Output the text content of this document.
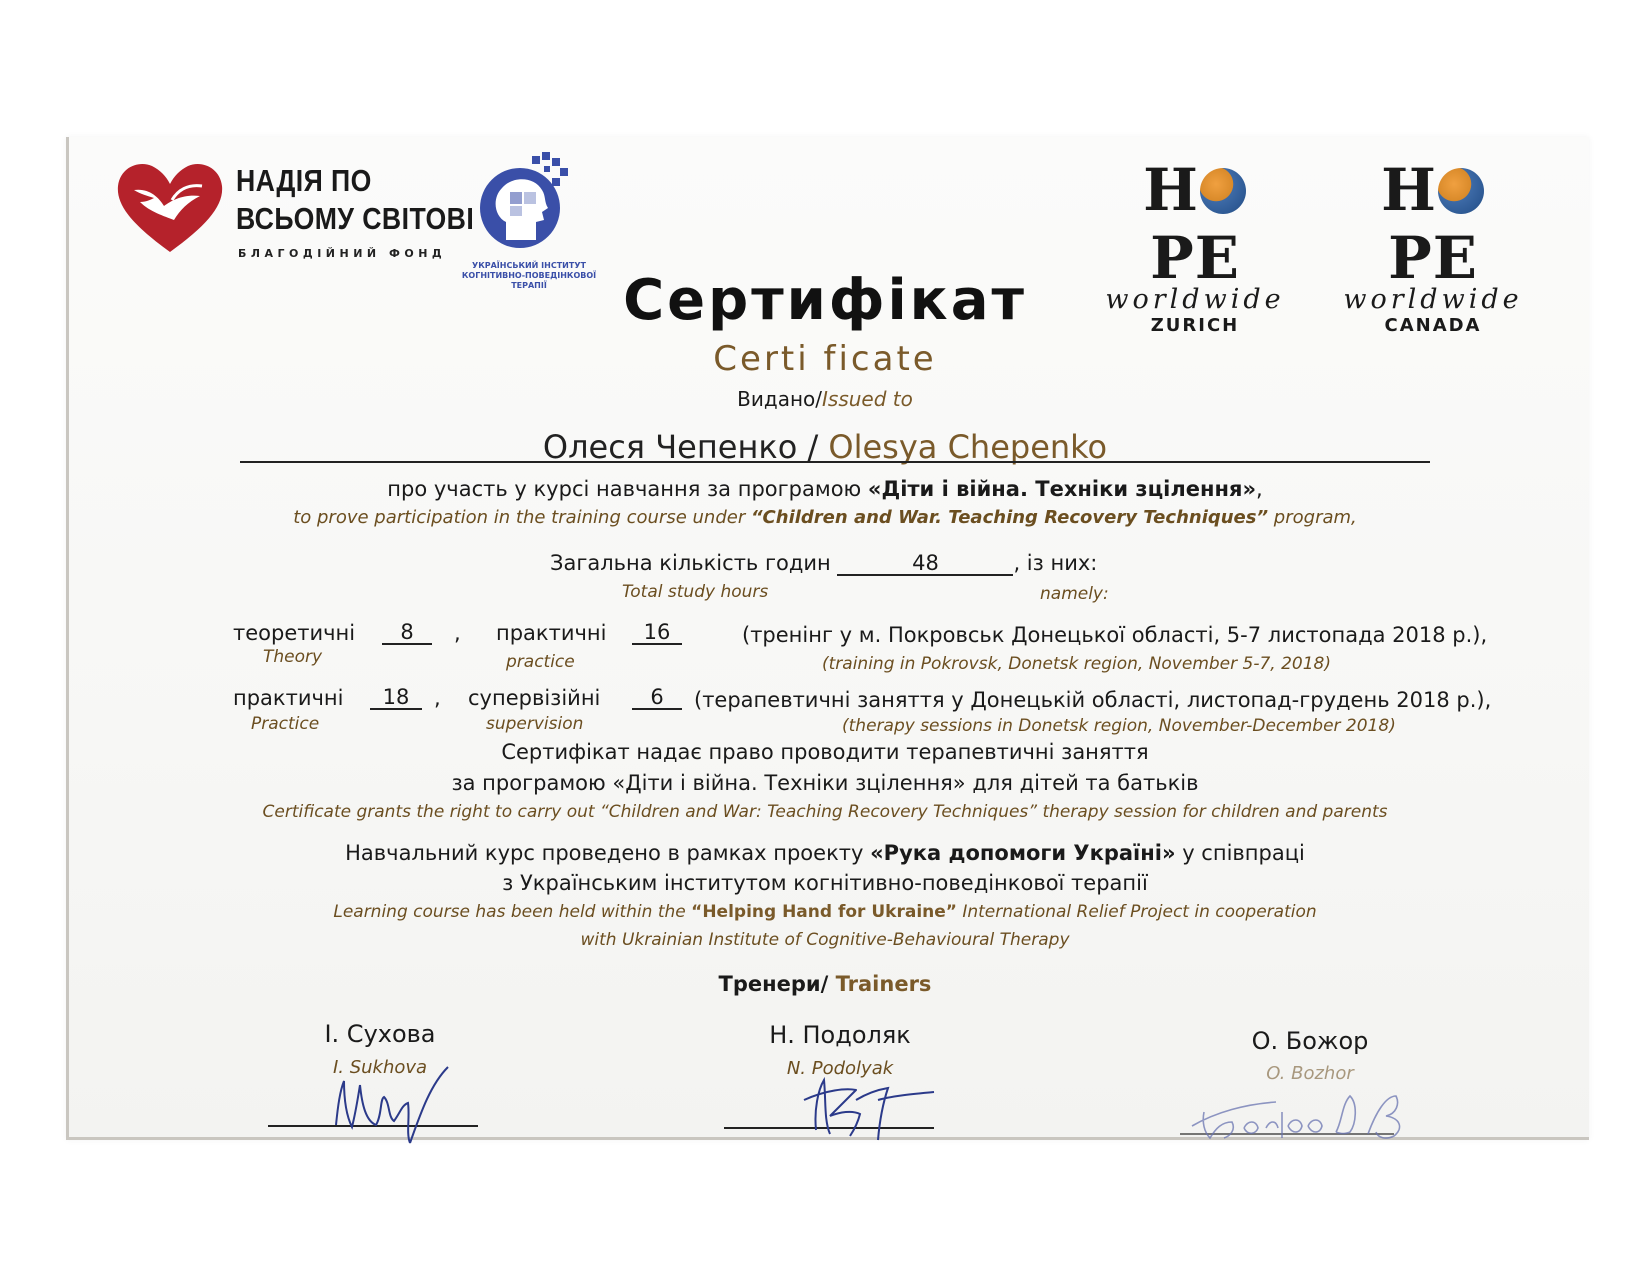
НАДІЯ ПО
ВСЬОМУ СВІТОВІ
БЛАГОДІЙНИЙ ФОНД
УКРАЇНСЬКИЙ ІНСТИТУТ КОГНІТИВНО-ПОВЕДІНКОВОЇ ТЕРАПІЇ
HPE
worldwide
ZURICH
HPE
worldwide
CANADA
Сертифікат
Certi ficate
Видано/Issued to
Олеся Чепенко / Olesya Chepenko
про участь у курсі навчання за програмою «Діти і війна. Техніки зцілення»,
to prove participation in the training course under “Children and War. Teaching Recovery Techniques” program,
Загальна кількість годин	48	, із них:
Total study hours	namely:
теоретичні	8	,
Theory
практичні	16
practice
(тренінг у м. Покровськ Донецької області, 5-7 листопада 2018 р.),
(training in Pokrovsk, Donetsk region, November 5-7, 2018)
практичні	18	,
Practice
супервізійні	6
supervision
(терапевтичні заняття у Донецькій області, листопад-грудень 2018 р.),
(therapy sessions in Donetsk region, November-December 2018)
Сертифікат надає право проводити терапевтичні заняття
за програмою «Діти і війна. Техніки зцілення» для дітей та батьків
Certificate grants the right to carry out “Children and War: Teaching Recovery Techniques” therapy session for children and parents
Навчальний курс проведено в рамках проекту «Рука допомоги Україні» у співпраці
з Українським інститутом когнітивно-поведінкової терапії
Learning course has been held within the “Helping Hand for Ukraine” International Relief Project in cooperation
with Ukrainian Institute of Cognitive-Behavioural Therapy
Тренери/ Trainers
І. Сухова
I. Sukhova
Н. Подоляк
N. Podolyak
О. Божор
O. Bozhor
